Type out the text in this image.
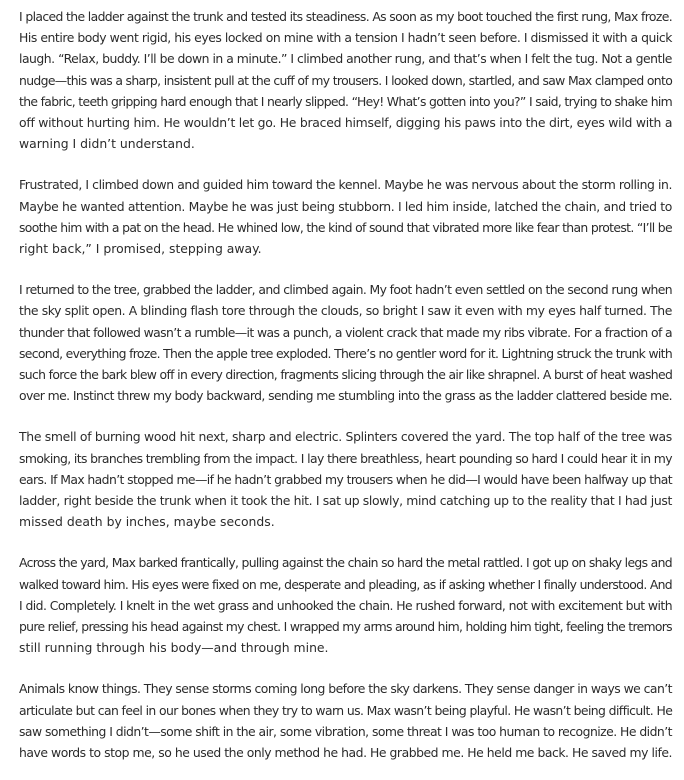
I placed the ladder against the trunk and tested its steadiness. As soon as my boot touched the first rung, Max froze.
His entire body went rigid, his eyes locked on mine with a tension I hadn’t seen before. I dismissed it with a quick
laugh. “Relax, buddy. I’ll be down in a minute.” I climbed another rung, and that’s when I felt the tug. Not a gentle
nudge—this was a sharp, insistent pull at the cuff of my trousers. I looked down, startled, and saw Max clamped onto
the fabric, teeth gripping hard enough that I nearly slipped. “Hey! What’s gotten into you?” I said, trying to shake him
off without hurting him. He wouldn’t let go. He braced himself, digging his paws into the dirt, eyes wild with a
warning I didn’t understand.

Frustrated, I climbed down and guided him toward the kennel. Maybe he was nervous about the storm rolling in.
Maybe he wanted attention. Maybe he was just being stubborn. I led him inside, latched the chain, and tried to
soothe him with a pat on the head. He whined low, the kind of sound that vibrated more like fear than protest. “I’ll be
right back,” I promised, stepping away.

I returned to the tree, grabbed the ladder, and climbed again. My foot hadn’t even settled on the second rung when
the sky split open. A blinding flash tore through the clouds, so bright I saw it even with my eyes half turned. The
thunder that followed wasn’t a rumble—it was a punch, a violent crack that made my ribs vibrate. For a fraction of a
second, everything froze. Then the apple tree exploded. There’s no gentler word for it. Lightning struck the trunk with
such force the bark blew off in every direction, fragments slicing through the air like shrapnel. A burst of heat washed
over me. Instinct threw my body backward, sending me stumbling into the grass as the ladder clattered beside me.

The smell of burning wood hit next, sharp and electric. Splinters covered the yard. The top half of the tree was
smoking, its branches trembling from the impact. I lay there breathless, heart pounding so hard I could hear it in my
ears. If Max hadn’t stopped me—if he hadn’t grabbed my trousers when he did—I would have been halfway up that
ladder, right beside the trunk when it took the hit. I sat up slowly, mind catching up to the reality that I had just
missed death by inches, maybe seconds.

Across the yard, Max barked frantically, pulling against the chain so hard the metal rattled. I got up on shaky legs and
walked toward him. His eyes were fixed on me, desperate and pleading, as if asking whether I finally understood. And
I did. Completely. I knelt in the wet grass and unhooked the chain. He rushed forward, not with excitement but with
pure relief, pressing his head against my chest. I wrapped my arms around him, holding him tight, feeling the tremors
still running through his body—and through mine.

Animals know things. They sense storms coming long before the sky darkens. They sense danger in ways we can’t
articulate but can feel in our bones when they try to warn us. Max wasn’t being playful. He wasn’t being difficult. He
saw something I didn’t—some shift in the air, some vibration, some threat I was too human to recognize. He didn’t
have words to stop me, so he used the only method he had. He grabbed me. He held me back. He saved my life.
